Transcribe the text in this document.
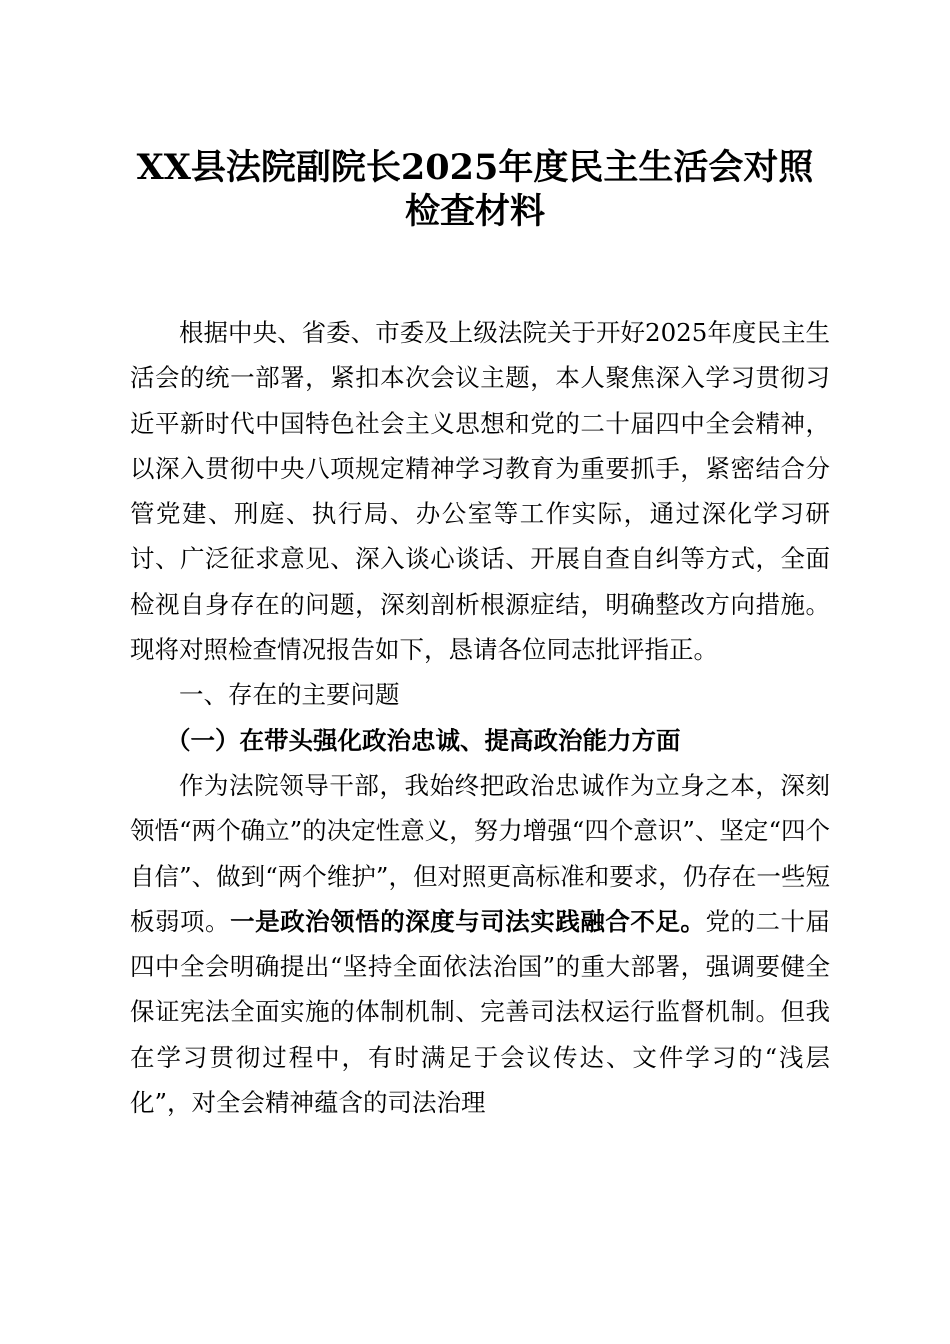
XX县法院副院长2025年度民主生活会对照检查材料

根据中央、省委、市委及上级法院关于开好2025年度民主生活会的统一部署，紧扣本次会议主题，本人聚焦深入学习贯彻习近平新时代中国特色社会主义思想和党的二十届四中全会精神，以深入贯彻中央八项规定精神学习教育为重要抓手，紧密结合分管党建、刑庭、执行局、办公室等工作实际，通过深化学习研讨、广泛征求意见、深入谈心谈话、开展自查自纠等方式，全面检视自身存在的问题，深刻剖析根源症结，明确整改方向措施。现将对照检查情况报告如下，恳请各位同志批评指正。

一、存在的主要问题

（一）在带头强化政治忠诚、提高政治能力方面

作为法院领导干部，我始终把政治忠诚作为立身之本，深刻领悟“两个确立”的决定性意义，努力增强“四个意识”、坚定“四个自信”、做到“两个维护”，但对照更高标准和要求，仍存在一些短板弱项。一是政治领悟的深度与司法实践融合不足。党的二十届四中全会明确提出“坚持全面依法治国”的重大部署，强调要健全保证宪法全面实施的体制机制、完善司法权运行监督机制。但我在学习贯彻过程中，有时满足于会议传达、文件学习的“浅层化”，对全会精神蕴含的司法治理
